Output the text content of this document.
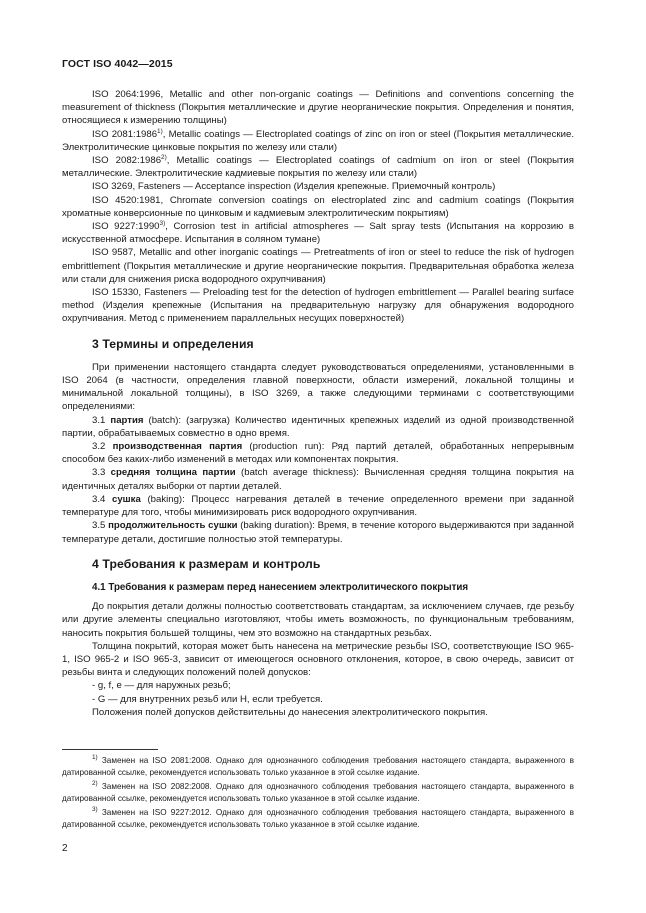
ГОСТ ISO 4042—2015

ISO 2064:1996, Metallic and other non-organic coatings — Definitions and conventions concerning the measurement of thickness (Покрытия металлические и другие неорганические покрытия. Определения и понятия, относящиеся к измерению толщины)

ISO 2081:1986$^{1)}$, Metallic coatings — Electroplated coatings of zinc on iron or steel (Покрытия металлические. Электролитические цинковые покрытия по железу или стали)

ISO 2082:1986$^{2)}$, Metallic coatings — Electroplated coatings of cadmium on iron or steel (Покрытия металлические. Электролитические кадмиевые покрытия по железу или стали)

ISO 3269, Fasteners — Acceptance inspection (Изделия крепежные. Приемочный контроль)

ISO 4520:1981, Chromate conversion coatings on electroplated zinc and cadmium coatings (Покрытия хроматные конверсионные по цинковым и кадмиевым электролитическим покрытиям)

ISO 9227:1990$^{3)}$, Corrosion test in artificial atmospheres — Salt spray tests (Испытания на коррозию в искусственной атмосфере. Испытания в соляном тумане)

ISO 9587, Metallic and other inorganic coatings — Pretreatments of iron or steel to reduce the risk of hydrogen embrittlement (Покрытия металлические и другие неорганические покрытия. Предварительная обработка железа или стали для снижения риска водородного охрупчивания)

ISO 15330, Fasteners — Preloading test for the detection of hydrogen embrittlement — Parallel bearing surface method (Изделия крепежные (Испытания на предварительную нагрузку для обнаружения водородного охрупчивания. Метод с применением параллельных несущих поверхностей)

3 Термины и определения

При применении настоящего стандарта следует руководствоваться определениями, установленными в ISO 2064 (в частности, определения главной поверхности, области измерений, локальной толщины и минимальной локальной толщины), в ISO 3269, а также следующими терминами с соответствующими определениями:

3.1 партия (batch): (загрузка) Количество идентичных крепежных изделий из одной производственной партии, обрабатываемых совместно в одно время.

3.2 производственная партия (production run): Ряд партий деталей, обработанных непрерывным способом без каких-либо изменений в методах или компонентах покрытия.

3.3 средняя толщина партии (batch average thickness): Вычисленная средняя толщина покрытия на идентичных деталях выборки от партии деталей.

3.4 сушка (baking): Процесс нагревания деталей в течение определенного времени при заданной температуре для того, чтобы минимизировать риск водородного охрупчивания.

3.5 продолжительность сушки (baking duration): Время, в течение которого выдерживаются при заданной температуре детали, достигшие полностью этой температуры.

4 Требования к размерам и контроль
4.1 Требования к размерам перед нанесением электролитического покрытия

До покрытия детали должны полностью соответствовать стандартам, за исключением случаев, где резьбу или другие элементы специально изготовляют, чтобы иметь возможность, по функциональным требованиям, наносить покрытия большей толщины, чем это возможно на стандартных резьбах.

Толщина покрытий, которая может быть нанесена на метрические резьбы ISO, соответствующие ISO 965-1, ISO 965-2 и ISO 965-3, зависит от имеющегося основного отклонения, которое, в свою очередь, зависит от резьбы винта и следующих положений полей допусков:

- g, f, e — для наружных резьб;

- G — для внутренних резьб или H, если требуется.

Положения полей допусков действительны до нанесения электролитического покрытия.

$^{1)}$ Заменен на ISO 2081:2008. Однако для однозначного соблюдения требования настоящего стандарта, выраженного в датированной ссылке, рекомендуется использовать только указанное в этой ссылке издание.

$^{2)}$ Заменен на ISO 2082:2008. Однако для однозначного соблюдения требования настоящего стандарта, выраженного в датированной ссылке, рекомендуется использовать только указанное в этой ссылке издание.

$^{3)}$ Заменен на ISO 9227:2012. Однако для однозначного соблюдения требования настоящего стандарта, выраженного в датированной ссылке, рекомендуется использовать только указанное в этой ссылке издание.

2
